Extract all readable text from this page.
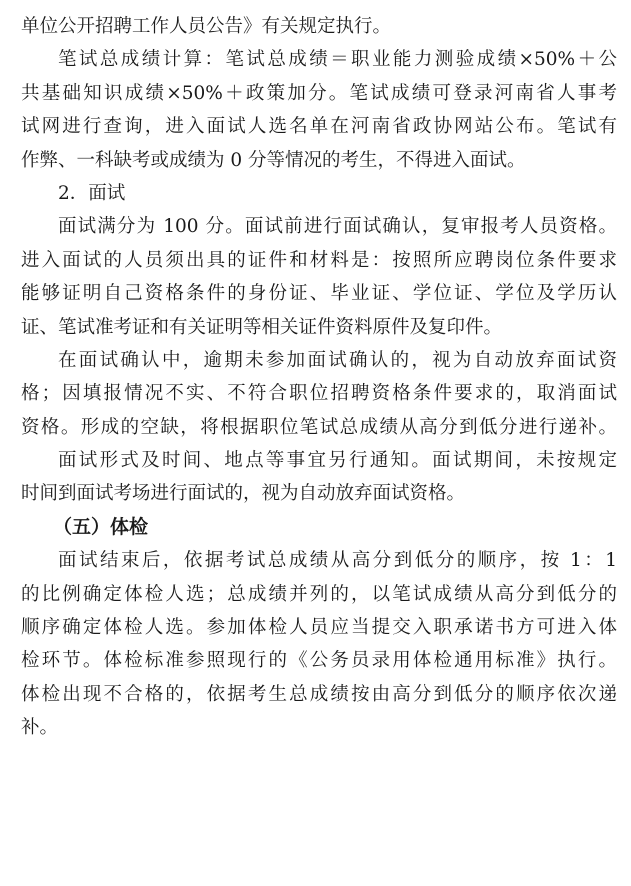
单位公开招聘工作人员公告》有关规定执行。
笔试总成绩计算：笔试总成绩＝职业能力测验成绩×50%＋公
共基础知识成绩×50%＋政策加分。笔试成绩可登录河南省人事考
试网进行查询，进入面试人选名单在河南省政协网站公布。笔试有
作弊、一科缺考或成绩为 0 分等情况的考生，不得进入面试。
2．面试
面试满分为 100 分。面试前进行面试确认，复审报考人员资格。
进入面试的人员须出具的证件和材料是：按照所应聘岗位条件要求
能够证明自己资格条件的身份证、毕业证、学位证、学位及学历认
证、笔试准考证和有关证明等相关证件资料原件及复印件。
在面试确认中，逾期未参加面试确认的，视为自动放弃面试资
格；因填报情况不实、不符合职位招聘资格条件要求的，取消面试
资格。形成的空缺，将根据职位笔试总成绩从高分到低分进行递补。
面试形式及时间、地点等事宜另行通知。面试期间，未按规定
时间到面试考场进行面试的，视为自动放弃面试资格。
（五）体检
面试结束后，依据考试总成绩从高分到低分的顺序，按 1：1
的比例确定体检人选；总成绩并列的，以笔试成绩从高分到低分的
顺序确定体检人选。参加体检人员应当提交入职承诺书方可进入体
检环节。体检标准参照现行的《公务员录用体检通用标准》执行。
体检出现不合格的，依据考生总成绩按由高分到低分的顺序依次递
补。
